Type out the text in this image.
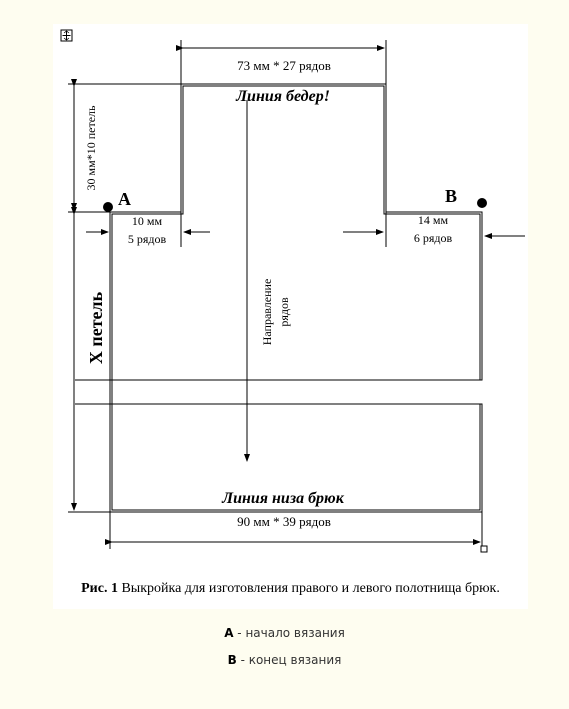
73 мм * 27 рядов
Линия бедер!
30 мм*10 петель
A	B
10 мм
5 рядов
14 мм
6 рядов
X петель	Направление рядов
Линия низа брюк
90 мм * 39 рядов
Рис. 1 Выкройка для изготовления правого и левого полотнища брюк.
А - начало вязания
В - конец вязания
